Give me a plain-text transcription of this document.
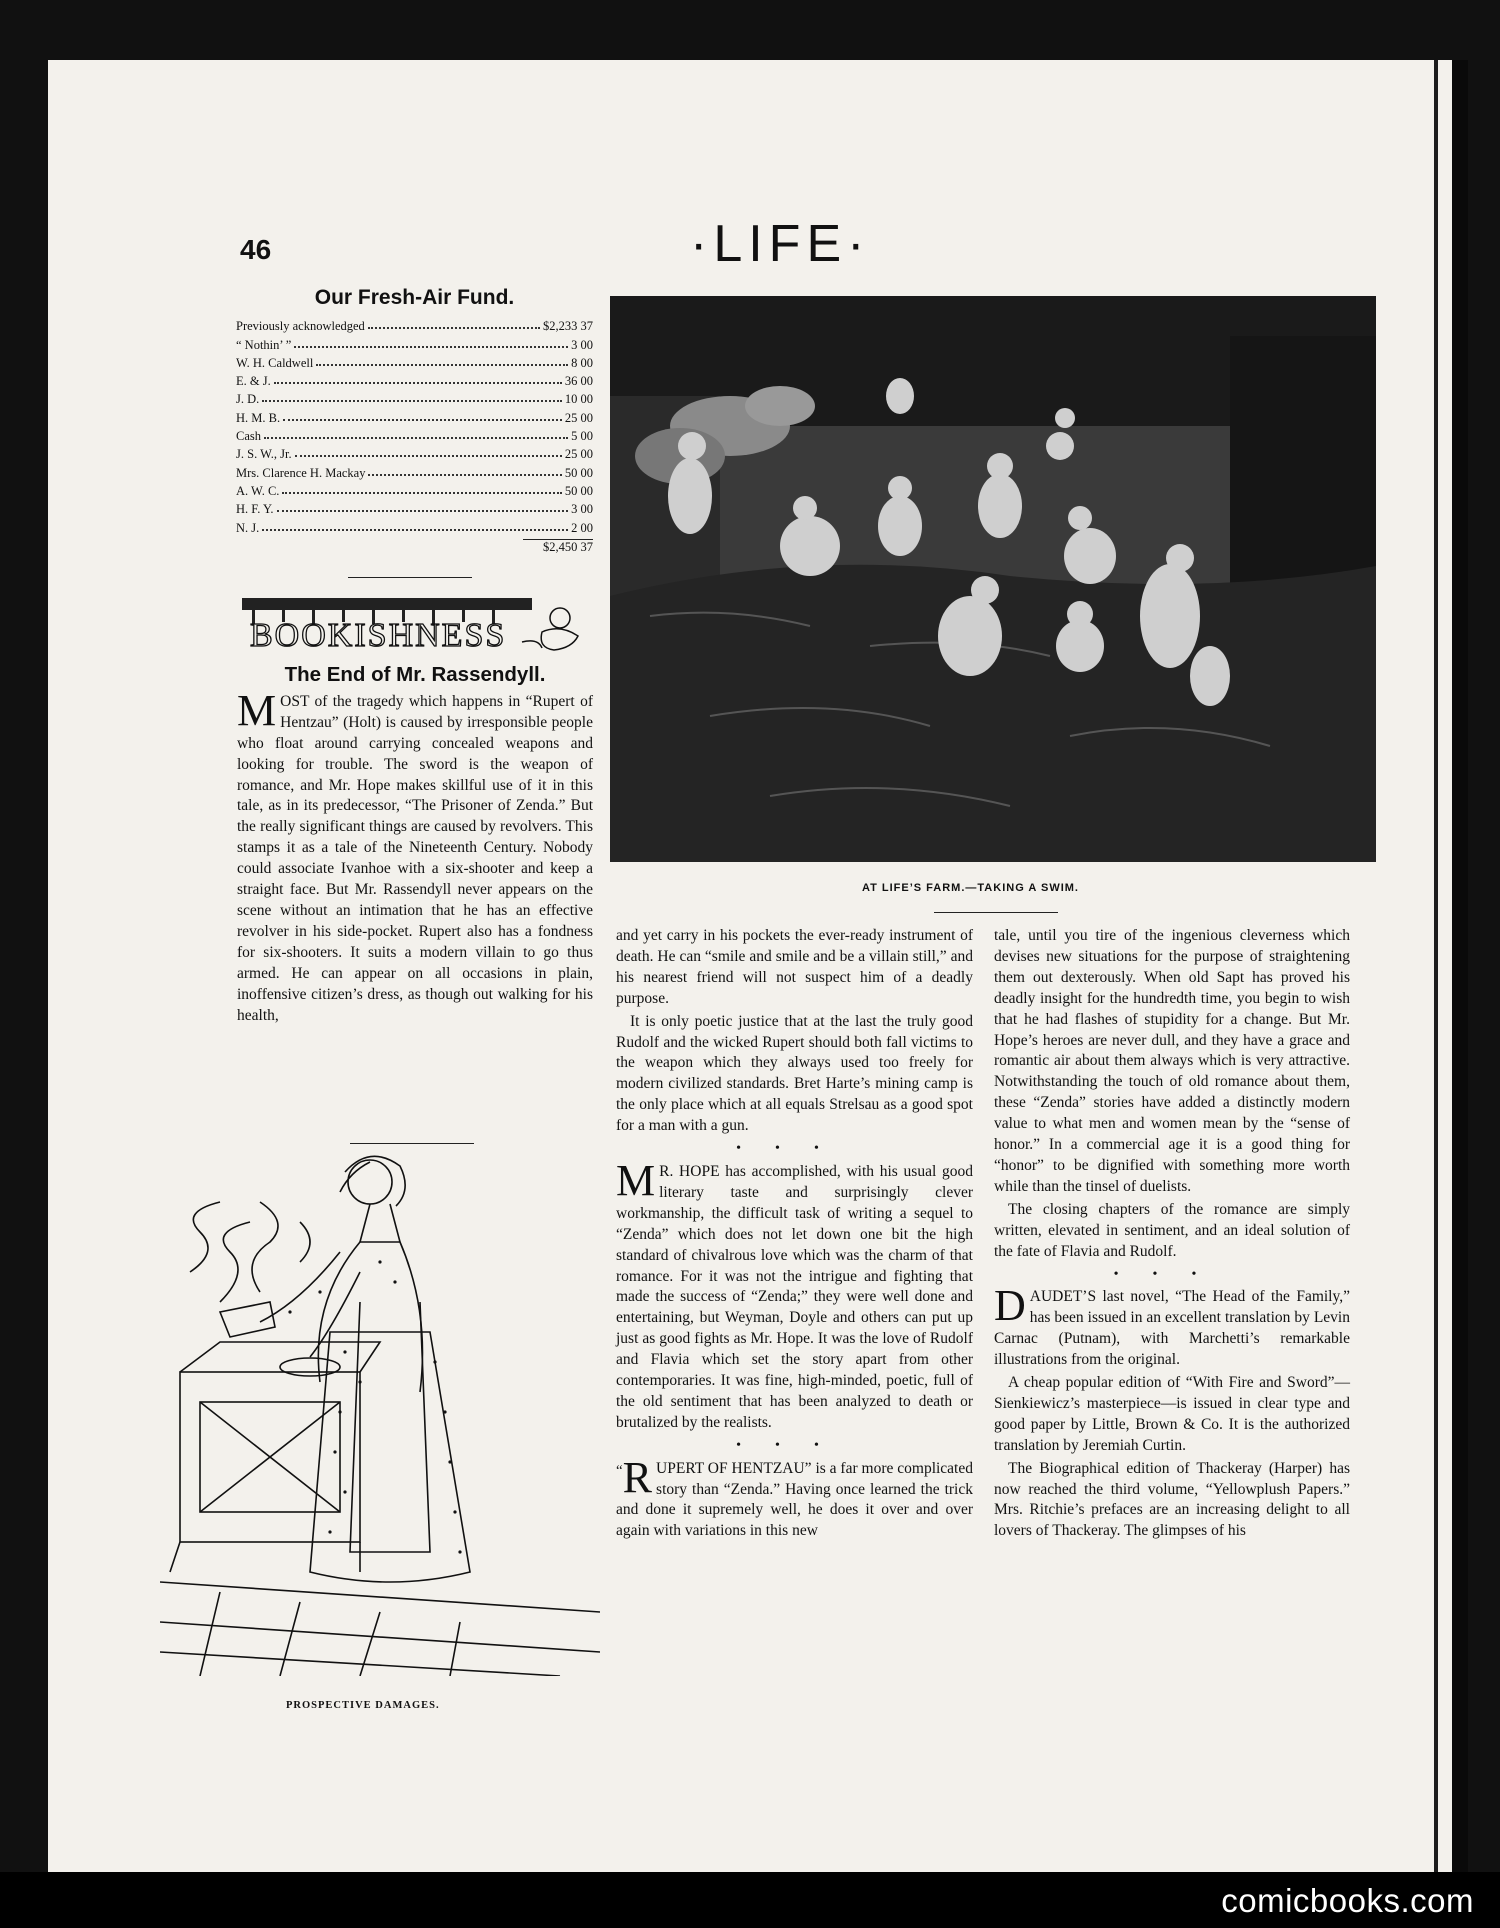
46	·LIFE·
Our Fresh-Air Fund.
Previously acknowledged	$2,233 37
“ Nothin’ ”	3 00
W. H. Caldwell	8 00
E. & J.	36 00
J. D.	10 00
H. M. B.	25 00
Cash	5 00
J. S. W., Jr.	25 00
Mrs. Clarence H. Mackay	50 00
A. W. C.	50 00
H. F. Y.	3 00
N. J.	2 00
$2,450 37
BOOKISHNESS
The End of Mr. Rassendyll.

MOST of the tragedy which happens in “Rupert of Hentzau” (Holt) is caused by irresponsible people who float around carrying concealed weapons and looking for trouble. The sword is the weapon of romance, and Mr. Hope makes skillful use of it in this tale, as in its predecessor, “The Prisoner of Zenda.” But the really significant things are caused by revolvers. This stamps it as a tale of the Nineteenth Century. Nobody could associate Ivanhoe with a six-shooter and keep a straight face. But Mr. Rassendyll never appears on the scene without an intimation that he has an effective revolver in his side-pocket. Rupert also has a fondness for six-shooters. It suits a modern villain to go thus armed. He can appear on all occasions in plain, inoffensive citizen’s dress, as though out walking for his health,

PROSPECTIVE DAMAGES.
AT LIFE’S FARM.—TAKING A SWIM.

and yet carry in his pockets the ever-ready instrument of death. He can “smile and smile and be a villain still,” and his nearest friend will not suspect him of a deadly purpose.

It is only poetic justice that at the last the truly good Rudolf and the wicked Rupert should both fall victims to the weapon which they always used too freely for modern civilized standards. Bret Harte’s mining camp is the only place which at all equals Strelsau as a good spot for a man with a gun.

•••

M R. HOPE has accomplished, with his usual good literary taste and surprisingly clever workmanship, the difficult task of writing a sequel to “Zenda” which does not let down one bit the high standard of chivalrous love which was the charm of that romance. For it was not the intrigue and fighting that made the success of “Zenda;” they were well done and entertaining, but Weyman, Doyle and others can put up just as good fights as Mr. Hope. It was the love of Rudolf and Flavia which set the story apart from other contemporaries. It was fine, high-minded, poetic, full of the old sentiment that has been analyzed to death or brutalized by the realists.

•••

“ R UPERT OF HENTZAU” is a far more complicated story than “Zenda.” Having once learned the trick and done it supremely well, he does it over and over again with variations in this new

tale, until you tire of the ingenious cleverness which devises new situations for the purpose of straightening them out dexterously. When old Sapt has proved his deadly insight for the hundredth time, you begin to wish that he had flashes of stupidity for a change. But Mr. Hope’s heroes are never dull, and they have a grace and romantic air about them always which is very attractive. Notwithstanding the touch of old romance about them, these “Zenda” stories have added a distinctly modern value to what men and women mean by the “sense of honor.” In a commercial age it is a good thing for “honor” to be dignified with something more worth while than the tinsel of duelists.

The closing chapters of the romance are simply written, elevated in sentiment, and an ideal solution of the fate of Flavia and Rudolf.

•••

DAUDET’S last novel, “The Head of the Family,” has been issued in an excellent translation by Levin Carnac (Putnam), with Marchetti’s remarkable illustrations from the original.

A cheap popular edition of “With Fire and Sword”—Sienkiewicz’s masterpiece—is issued in clear type and good paper by Little, Brown & Co. It is the authorized translation by Jeremiah Curtin.

The Biographical edition of Thackeray (Harper) has now reached the third volume, “Yellowplush Papers.” Mrs. Ritchie’s prefaces are an increasing delight to all lovers of Thackeray. The glimpses of his

comicbooks.com
